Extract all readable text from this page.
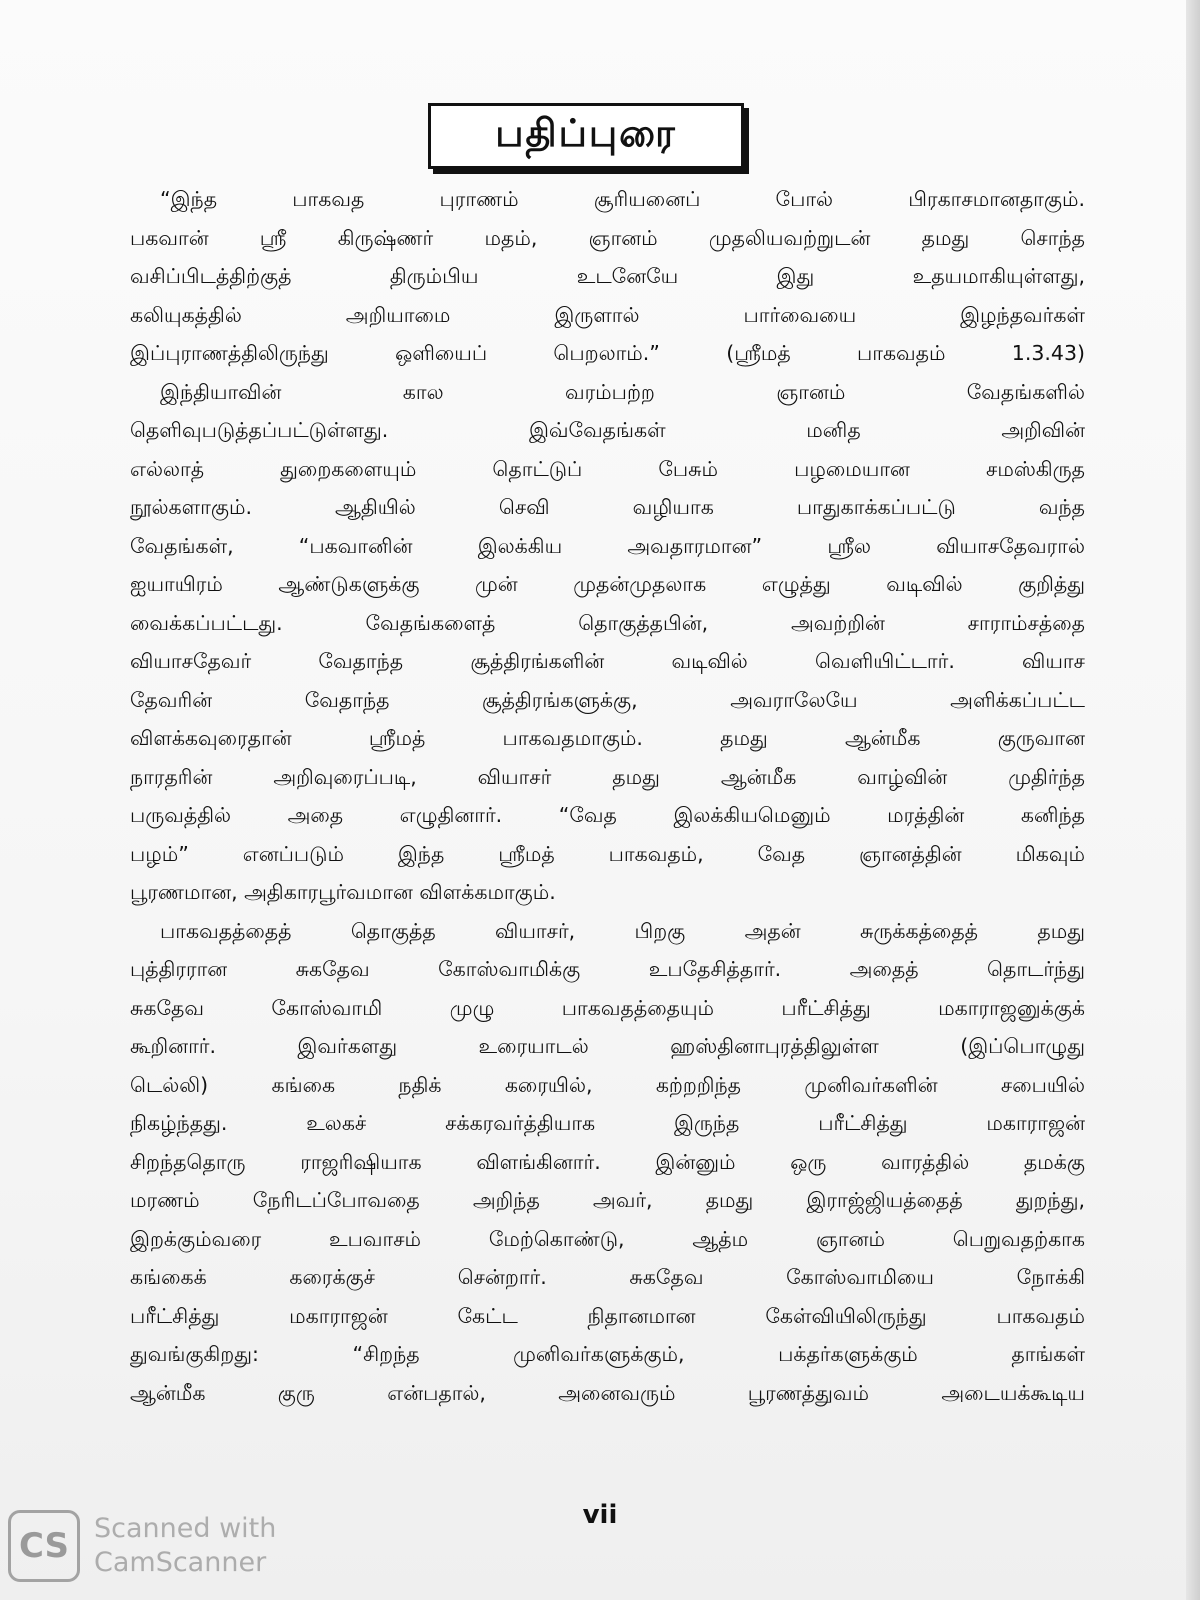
பதிப்புரை
“இந்த பாகவத புராணம் சூரியனைப் போல் பிரகாசமானதாகும்.
பகவான் ஸ்ரீ கிருஷ்ணர் மதம், ஞானம் முதலியவற்றுடன் தமது சொந்த
வசிப்பிடத்திற்குத் திரும்பிய உடனேயே இது உதயமாகியுள்ளது,
கலியுகத்தில் அறியாமை இருளால் பார்வையை இழந்தவர்கள்
இப்புராணத்திலிருந்து ஒளியைப் பெறலாம்.” (ஸ்ரீமத் பாகவதம் 1.3.43)
இந்தியாவின் கால வரம்பற்ற ஞானம் வேதங்களில்
தெளிவுபடுத்தப்பட்டுள்ளது. இவ்வேதங்கள் மனித அறிவின்
எல்லாத் துறைகளையும் தொட்டுப் பேசும் பழமையான சமஸ்கிருத
நூல்களாகும். ஆதியில் செவி வழியாக பாதுகாக்கப்பட்டு வந்த
வேதங்கள், “பகவானின் இலக்கிய அவதாரமான” ஸ்ரீல வியாசதேவரால்
ஐயாயிரம் ஆண்டுகளுக்கு முன் முதன்முதலாக எழுத்து வடிவில் குறித்து
வைக்கப்பட்டது. வேதங்களைத் தொகுத்தபின், அவற்றின் சாராம்சத்தை
வியாசதேவர் வேதாந்த சூத்திரங்களின் வடிவில் வெளியிட்டார். வியாச
தேவரின் வேதாந்த சூத்திரங்களுக்கு, அவராலேயே அளிக்கப்பட்ட
விளக்கவுரைதான் ஸ்ரீமத் பாகவதமாகும். தமது ஆன்மீக குருவான
நாரதரின் அறிவுரைப்படி, வியாசர் தமது ஆன்மீக வாழ்வின் முதிர்ந்த
பருவத்தில் அதை எழுதினார். “வேத இலக்கியமெனும் மரத்தின் கனிந்த
பழம்” எனப்படும் இந்த ஸ்ரீமத் பாகவதம், வேத ஞானத்தின் மிகவும்
பூரணமான, அதிகாரபூர்வமான விளக்கமாகும்.
பாகவதத்தைத் தொகுத்த வியாசர், பிறகு அதன் சுருக்கத்தைத் தமது
புத்திரரான சுகதேவ கோஸ்வாமிக்கு உபதேசித்தார். அதைத் தொடர்ந்து
சுகதேவ கோஸ்வாமி முழு பாகவதத்தையும் பரீட்சித்து மகாராஜனுக்குக்
கூறினார். இவர்களது உரையாடல் ஹஸ்தினாபுரத்திலுள்ள (இப்பொழுது
டெல்லி) கங்கை நதிக் கரையில், கற்றறிந்த முனிவர்களின் சபையில்
நிகழ்ந்தது. உலகச் சக்கரவர்த்தியாக இருந்த பரீட்சித்து மகாராஜன்
சிறந்ததொரு ராஜரிஷியாக விளங்கினார். இன்னும் ஒரு வாரத்தில் தமக்கு
மரணம் நேரிடப்போவதை அறிந்த அவர், தமது இராஜ்ஜியத்தைத் துறந்து,
இறக்கும்வரை உபவாசம் மேற்கொண்டு, ஆத்ம ஞானம் பெறுவதற்காக
கங்கைக் கரைக்குச் சென்றார். சுகதேவ கோஸ்வாமியை நோக்கி
பரீட்சித்து மகாராஜன் கேட்ட நிதானமான கேள்வியிலிருந்து பாகவதம்
துவங்குகிறது: “சிறந்த முனிவர்களுக்கும், பக்தர்களுக்கும் தாங்கள்
ஆன்மீக குரு என்பதால், அனைவரும் பூரணத்துவம் அடையக்கூடிய
vii
CS Scanned with
CamScanner
